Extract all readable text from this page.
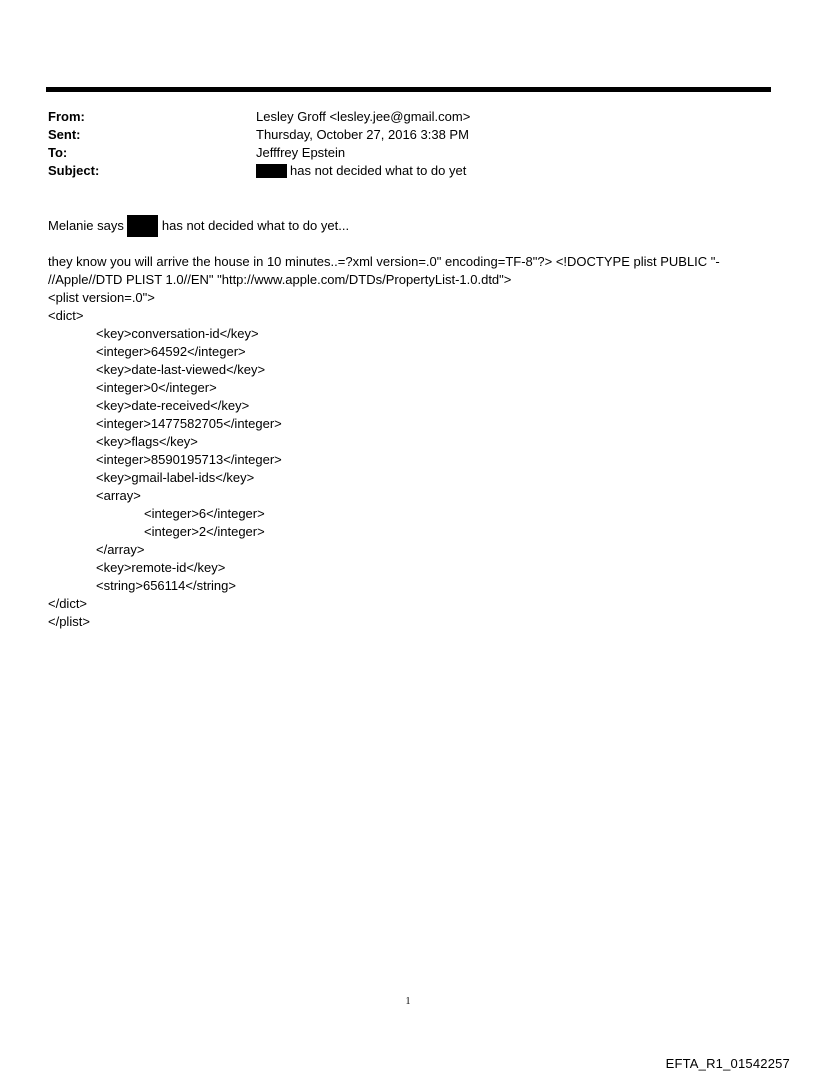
From:	Lesley Groff <lesley.jee@gmail.com>
Sent:	Thursday, October 27, 2016 3:38 PM
To:	Jefffrey Epstein
Subject:	has not decided what to do yet
Melanie says	has not decided what to do yet...
they know you will arrive the house in 10 minutes..=?xml version=.0" encoding=TF-8"?> <!DOCTYPE plist PUBLIC "-
//Apple//DTD PLIST 1.0//EN" "http://www.apple.com/DTDs/PropertyList-1.0.dtd">
<plist version=.0">
<dict>
<key>conversation-id</key>
<integer>64592</integer>
<key>date-last-viewed</key>
<integer>0</integer>
<key>date-received</key>
<integer>1477582705</integer>
<key>flags</key>
<integer>8590195713</integer>
<key>gmail-label-ids</key>
<array>
<integer>6</integer>
<integer>2</integer>
</array>
<key>remote-id</key>
<string>656114</string>
</dict>
</plist>
1
EFTA_R1_01542257
